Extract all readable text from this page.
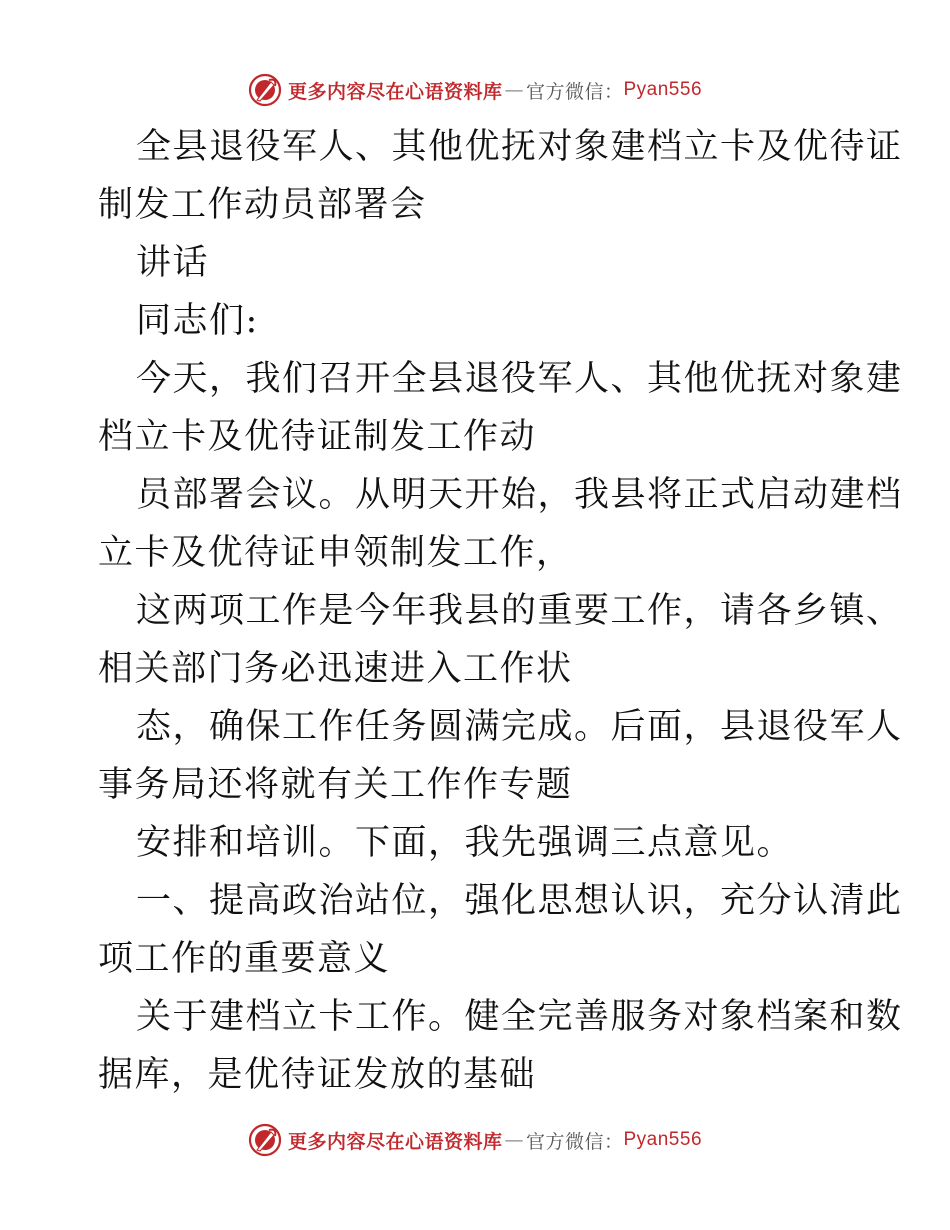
更多内容尽在心语资料库 — 官方微信： Pyan556
全县退役军人、其他优抚对象建档立卡及优待证
制发工作动员部署会
讲话
同志们:
今天，我们召开全县退役军人、其他优抚对象建
档立卡及优待证制发工作动
员部署会议。从明天开始，我县将正式启动建档
立卡及优待证申领制发工作，
这两项工作是今年我县的重要工作，请各乡镇、
相关部门务必迅速进入工作状
态，确保工作任务圆满完成。后面，县退役军人
事务局还将就有关工作作专题
安排和培训。下面，我先强调三点意见。
一、提高政治站位，强化思想认识，充分认清此
项工作的重要意义
关于建档立卡工作。健全完善服务对象档案和数
据库，是优待证发放的基础
更多内容尽在心语资料库 — 官方微信： Pyan556
